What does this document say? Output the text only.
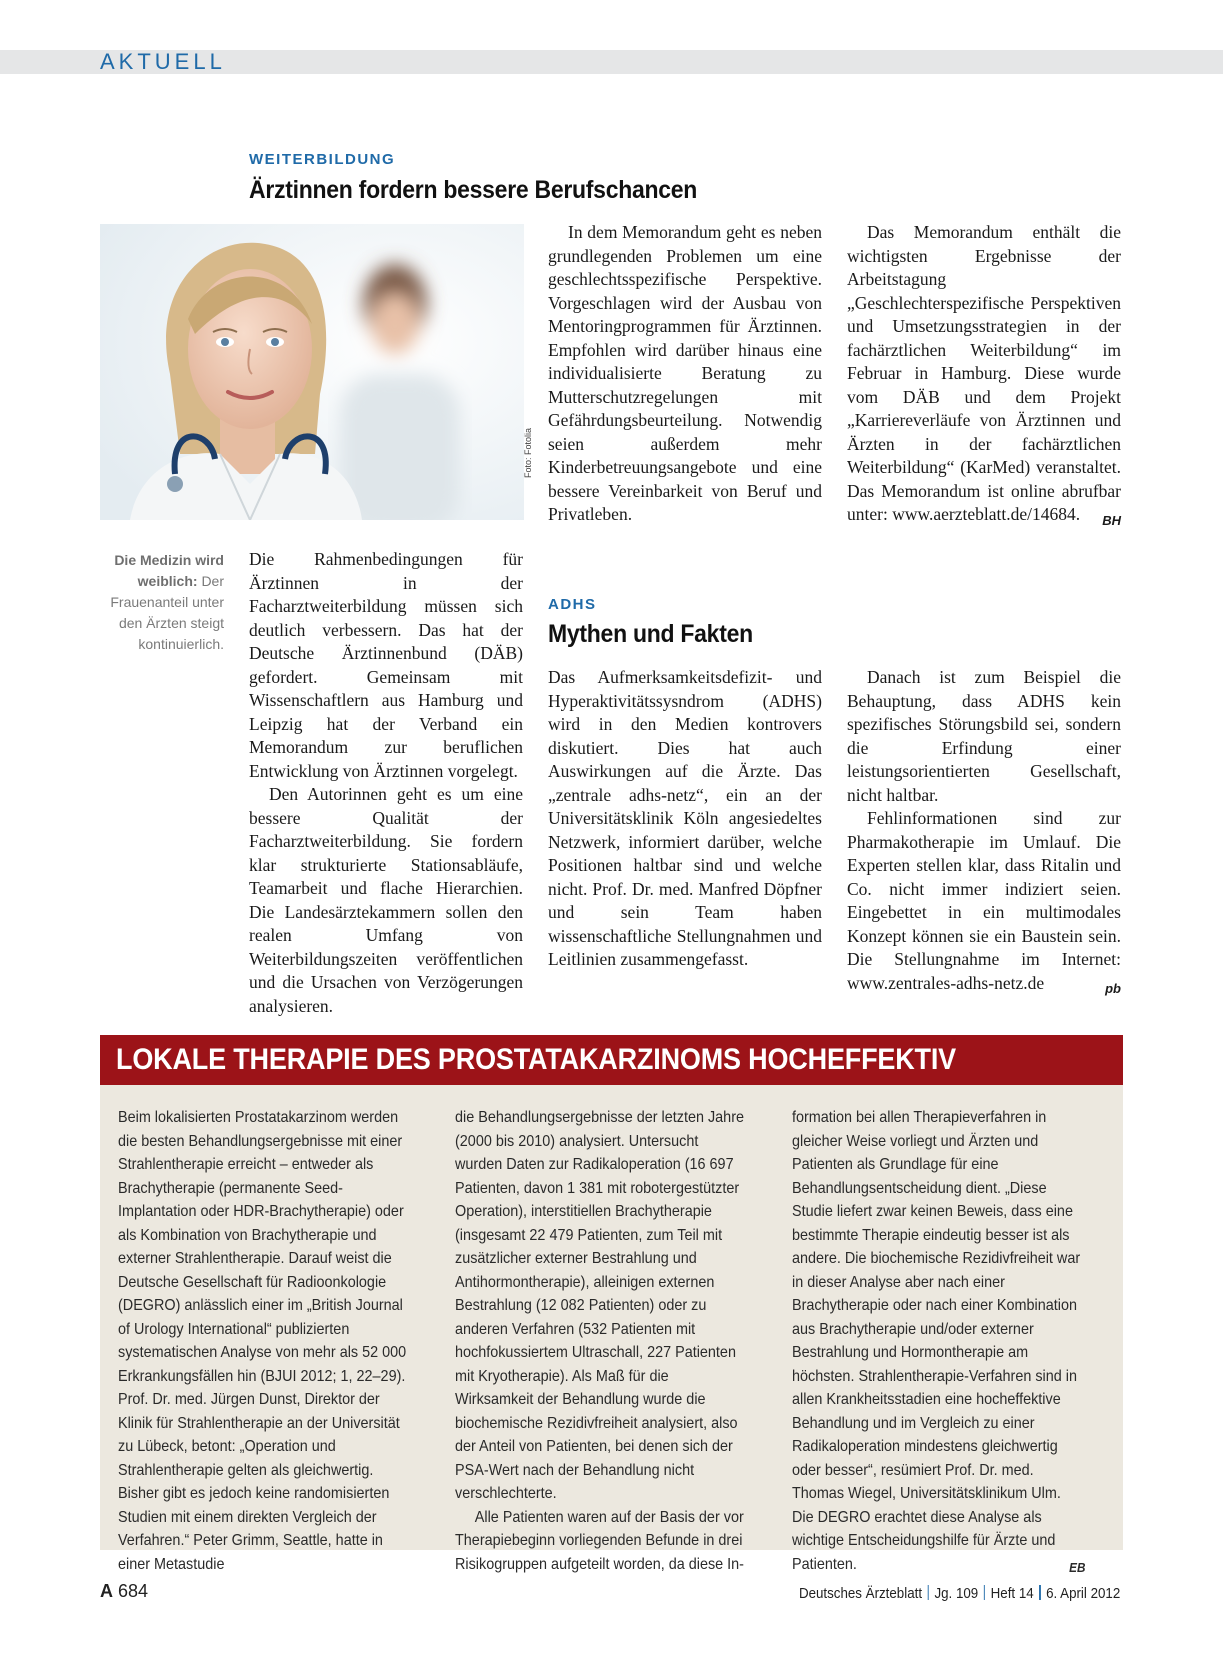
AKTUELL
WEITERBILDUNG
Ärztinnen fordern bessere Berufschancen
Foto: Fotolia
Die Medizin wird weiblich: Der Frauenanteil unter den Ärzten steigt kontinuierlich.

Die Rahmenbedingungen für Ärztinnen in der Facharztweiterbildung müssen sich deutlich verbessern. Das hat der Deutsche Ärztinnenbund (DÄB) gefordert. Gemeinsam mit Wissenschaftlern aus Hamburg und Leipzig hat der Verband ein Memorandum zur beruflichen Entwicklung von Ärztinnen vorgelegt.

Den Autorinnen geht es um eine bessere Qualität der Facharztweiterbildung. Sie fordern klar strukturierte Stationsabläufe, Teamarbeit und flache Hierarchien. Die Landesärztekammern sollen den realen Umfang von Weiterbildungszeiten veröffentlichen und die Ursachen von Verzögerungen analysieren.

In dem Memorandum geht es neben grundlegenden Problemen um eine geschlechtsspezifische Perspektive. Vorgeschlagen wird der Ausbau von Mentoringprogrammen für Ärztinnen. Empfohlen wird darüber hinaus eine individualisierte Beratung zu Mutterschutzregelungen mit Gefährdungsbeurteilung. Notwendig seien außerdem mehr Kinderbetreuungsangebote und eine bessere Vereinbarkeit von Beruf und Privatleben.

Das Memorandum enthält die wichtigsten Ergebnisse der Arbeitstagung „Geschlechterspezifische Perspektiven und Umsetzungsstrategien in der fachärztlichen Weiterbildung“ im Februar in Hamburg. Diese wurde vom DÄB und dem Projekt „Karriereverläufe von Ärztinnen und Ärzten in der fachärztlichen Weiterbildung“ (KarMed) veranstaltet. Das Memorandum ist online abrufbar unter: www.aerzteblatt.de/14684.	BH
ADHS
Mythen und Fakten

Das Aufmerksamkeitsdefizit- und Hyperaktivitätssysndrom (ADHS) wird in den Medien kontrovers diskutiert. Dies hat auch Auswirkungen auf die Ärzte. Das „zentrale adhs-netz“, ein an der Universitätsklinik Köln angesiedeltes Netzwerk, informiert darüber, welche Positionen haltbar sind und welche nicht. Prof. Dr. med. Manfred Döpfner und sein Team haben wissenschaftliche Stellungnahmen und Leitlinien zusammengefasst.

Danach ist zum Beispiel die Behauptung, dass ADHS kein spezifisches Störungsbild sei, sondern die Erfindung einer leistungsorientierten Gesellschaft, nicht haltbar.

Fehlinformationen sind zur Pharmakotherapie im Umlauf. Die Experten stellen klar, dass Ritalin und Co. nicht immer indiziert seien. Eingebettet in ein multimodales Konzept können sie ein Baustein sein. Die Stellungnahme im Internet: www.zentrales-adhs-netz.de	pb
LOKALE THERAPIE DES PROSTATAKARZINOMS HOCHEFFEKTIV

Beim lokalisierten Prostatakarzinom werden die besten Behandlungsergebnisse mit einer Strahlentherapie erreicht – entweder als Brachytherapie (permanente Seed-Implantation oder HDR-Brachytherapie) oder als Kombination von Brachytherapie und externer Strahlentherapie. Darauf weist die Deutsche Gesellschaft für Radioonkologie (DEGRO) anlässlich einer im „British Journal of Urology International“ publizierten systematischen Analyse von mehr als 52 000 Erkrankungsfällen hin (BJUI 2012; 1, 22–29). Prof. Dr. med. Jürgen Dunst, Direktor der Klinik für Strahlentherapie an der Universität zu Lübeck, betont: „Operation und Strahlentherapie gelten als gleichwertig. Bisher gibt es jedoch keine randomisierten Studien mit einem direkten Vergleich der Verfahren.“ Peter Grimm, Seattle, hatte in einer Metastudie

die Behandlungsergebnisse der letzten Jahre (2000 bis 2010) analysiert. Untersucht wurden Daten zur Radikaloperation (16 697 Patienten, davon 1 381 mit robotergestützter Operation), interstitiellen Brachytherapie (insgesamt 22 479 Patienten, zum Teil mit zusätzlicher externer Bestrahlung und Antihormontherapie), alleinigen externen Bestrahlung (12 082 Patienten) oder zu anderen Verfahren (532 Patienten mit hochfokussiertem Ultraschall, 227 Patienten mit Kryotherapie). Als Maß für die Wirksamkeit der Behandlung wurde die biochemische Rezidivfreiheit analysiert, also der Anteil von Patienten, bei denen sich der PSA-Wert nach der Behandlung nicht verschlechterte.

Alle Patienten waren auf der Basis der vor Therapiebeginn vorliegenden Befunde in drei Risikogruppen aufgeteilt worden, da diese In-

formation bei allen Therapieverfahren in gleicher Weise vorliegt und Ärzten und Patienten als Grundlage für eine Behandlungsentscheidung dient. „Diese Studie liefert zwar keinen Beweis, dass eine bestimmte Therapie eindeutig besser ist als andere. Die biochemische Rezidivfreiheit war in dieser Analyse aber nach einer Brachytherapie oder nach einer Kombination aus Brachytherapie und/oder externer Bestrahlung und Hormontherapie am höchsten. Strahlentherapie-Verfahren sind in allen Krankheitsstadien eine hocheffektive Behandlung und im Vergleich zu einer Radikaloperation mindestens gleichwertig oder besser“, resümiert Prof. Dr. med. Thomas Wiegel, Universitätsklinikum Ulm. Die DEGRO erachtet diese Analyse als wichtige Entscheidungshilfe für Ärzte und Patienten.	EB
A 684	Deutsches Ärzteblatt Jg. 109 Heft 14 6. April 2012
